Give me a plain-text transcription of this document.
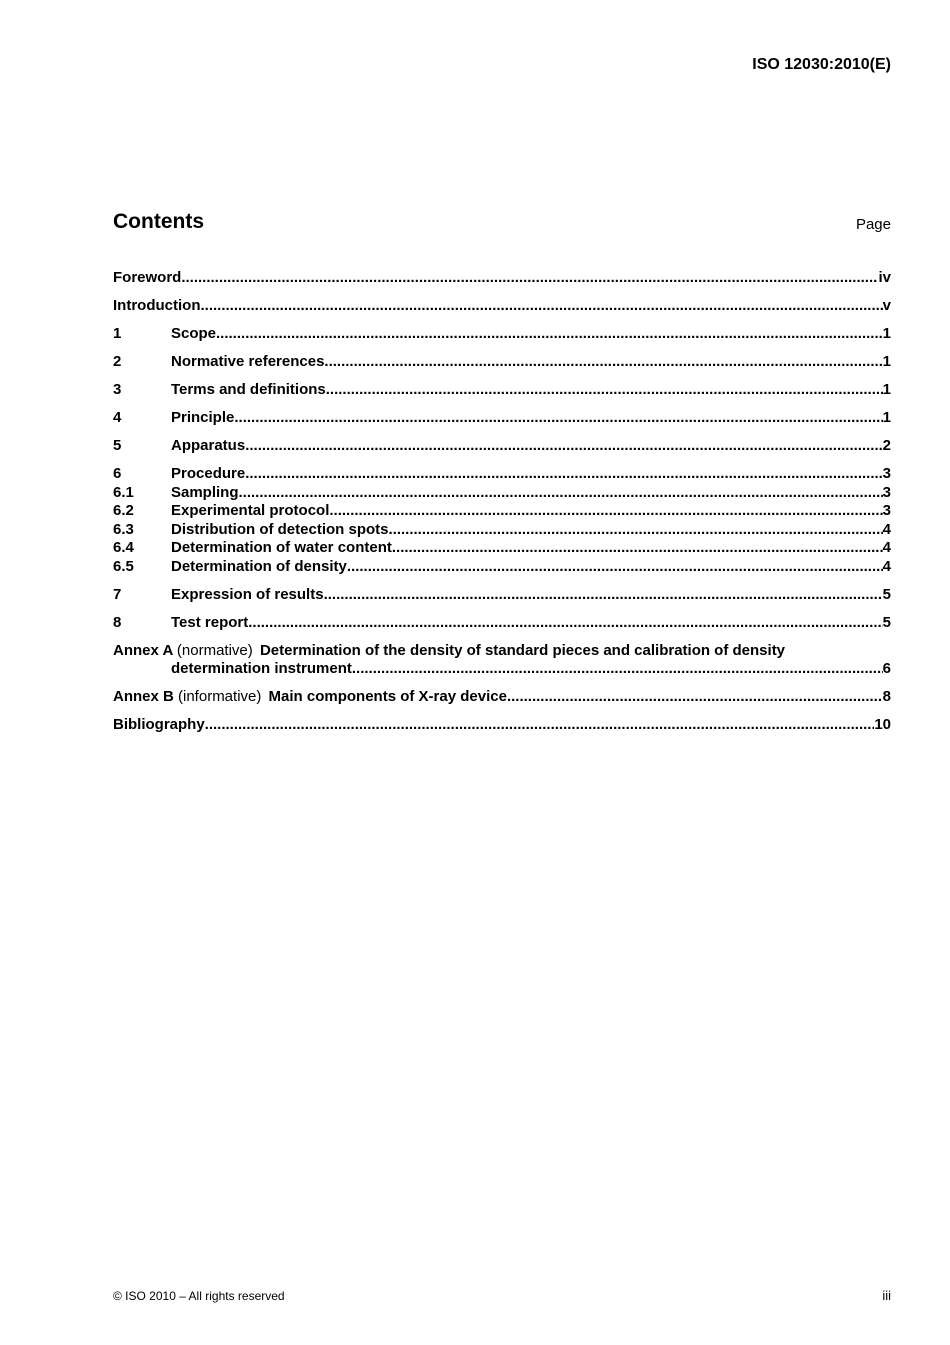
ISO 12030:2010(E)
Contents	Page
Foreword .....	iv
Introduction .....	v
1	Scope .....	1
2	Normative references .....	1
3	Terms and definitions .....	1
4	Principle .....	1
5	Apparatus .....	2
6	Procedure .....	3
6.1	Sampling .....	3
6.2	Experimental protocol .....	3
6.3	Distribution of detection spots .....	4
6.4	Determination of water content .....	4
6.5	Determination of density .....	4
7	Expression of results .....	5
8	Test report .....	5
Annex A (normative) Determination of the density of standard pieces and calibration of density
determination instrument .....	6
Annex B (informative) Main components of X-ray device .....	8
Bibliography .....	10
© ISO 2010 – All rights reserved	iii
